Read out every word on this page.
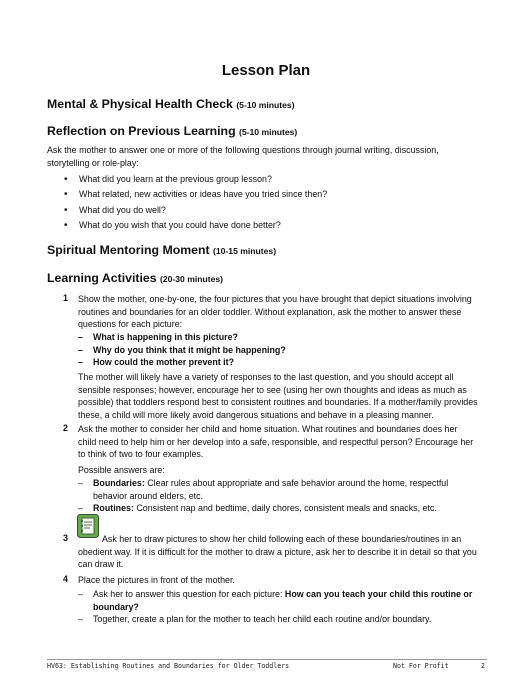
Lesson Plan
Mental & Physical Health Check (5-10 minutes)
Reflection on Previous Learning (5-10 minutes)
Ask the mother to answer one or more of the following questions through journal writing, discussion, storytelling or role-play:
• What did you learn at the previous group lesson?
• What related, new activities or ideas have you tried since then?
• What did you do well?
• What do you wish that you could have done better?
Spiritual Mentoring Moment (10-15 minutes)
Learning Activities (20-30 minutes)
1	Show the mother, one-by-one, the four pictures that you have brought that depict situations involving routines and boundaries for an older toddler. Without explanation, ask the mother to answer these questions for each picture:
– What is happening in this picture?
– Why do you think that it might be happening?
– How could the mother prevent it?
The mother will likely have a variety of responses to the last question, and you should accept all sensible responses; however, encourage her to see (using her own thoughts and ideas as much as possible) that toddlers respond best to consistent routines and boundaries. If a mother/family provides these, a child will more likely avoid dangerous situations and behave in a pleasing manner.
2	Ask the mother to consider her child and home situation. What routines and boundaries does her child need to help him or her develop into a safe, responsible, and respectful person? Encourage her to think of two to four examples.
Possible answers are:
– Boundaries: Clear rules about appropriate and safe behavior around the home, respectful behavior around elders, etc.
– Routines: Consistent nap and bedtime, daily chores, consistent meals and snacks, etc.
3	Ask her to draw pictures to show her child following each of these boundaries/routines in an obedient way. If it is difficult for the mother to draw a picture, ask her to describe it in detail so that you can draw it.
4	Place the pictures in front of the mother.
– Ask her to answer this question for each picture: How can you teach your child this routine or boundary?
– Together, create a plan for the mother to teach her child each routine and/or boundary.
HV63: Establishing Routines and Boundaries for Older Toddlers	Not For Profit	2
